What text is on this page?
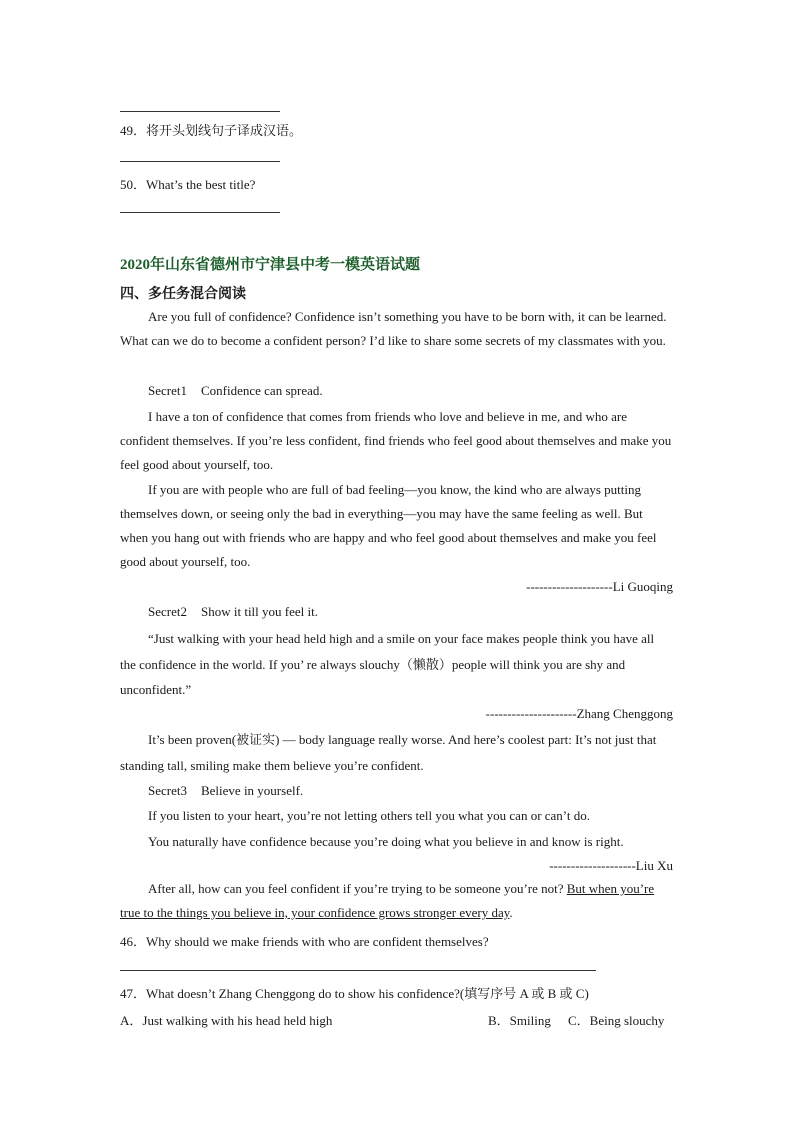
49．将开头划线句子译成汉语。
50．What’s the best title?
2020年山东省德州市宁津县中考一模英语试题
四、多任务混合阅读
Are you full of confidence? Confidence isn’t something you have to be born with, it can be learned. What can we do to become a confident person? I’d like to share some secrets of my classmates with you.
Secret1 Confidence can spread.
I have a ton of confidence that comes from friends who love and believe in me, and who are confident themselves. If you’re less confident, find friends who feel good about themselves and make you feel good about yourself, too.
If you are with people who are full of bad feeling—you know, the kind who are always putting themselves down, or seeing only the bad in everything—you may have the same feeling as well. But when you hang out with friends who are happy and who feel good about themselves and make you feel good about yourself, too.
--------------------Li Guoqing
Secret2 Show it till you feel it.
“Just walking with your head held high and a smile on your face makes people think you have all the confidence in the world. If you’ re always slouchy（懒散）people will think you are shy and unconfident.”
---------------------Zhang Chenggong
It’s been proven(被证实) — body language really worse. And here’s coolest part: It’s not just that standing tall, smiling make them believe you’re confident.
Secret3 Believe in yourself.
If you listen to your heart, you’re not letting others tell you what you can or can’t do.
You naturally have confidence because you’re doing what you believe in and know is right.
--------------------Liu Xu
After all, how can you feel confident if you’re trying to be someone you’re not? But when you’re true to the things you believe in, your confidence grows stronger every day.
46．Why should we make friends with who are confident themselves?
47．What doesn’t Zhang Chenggong do to show his confidence?(填写序号 A 或 B 或 C)
A．Just walking with his head held high	B．Smiling C．Being slouchy
